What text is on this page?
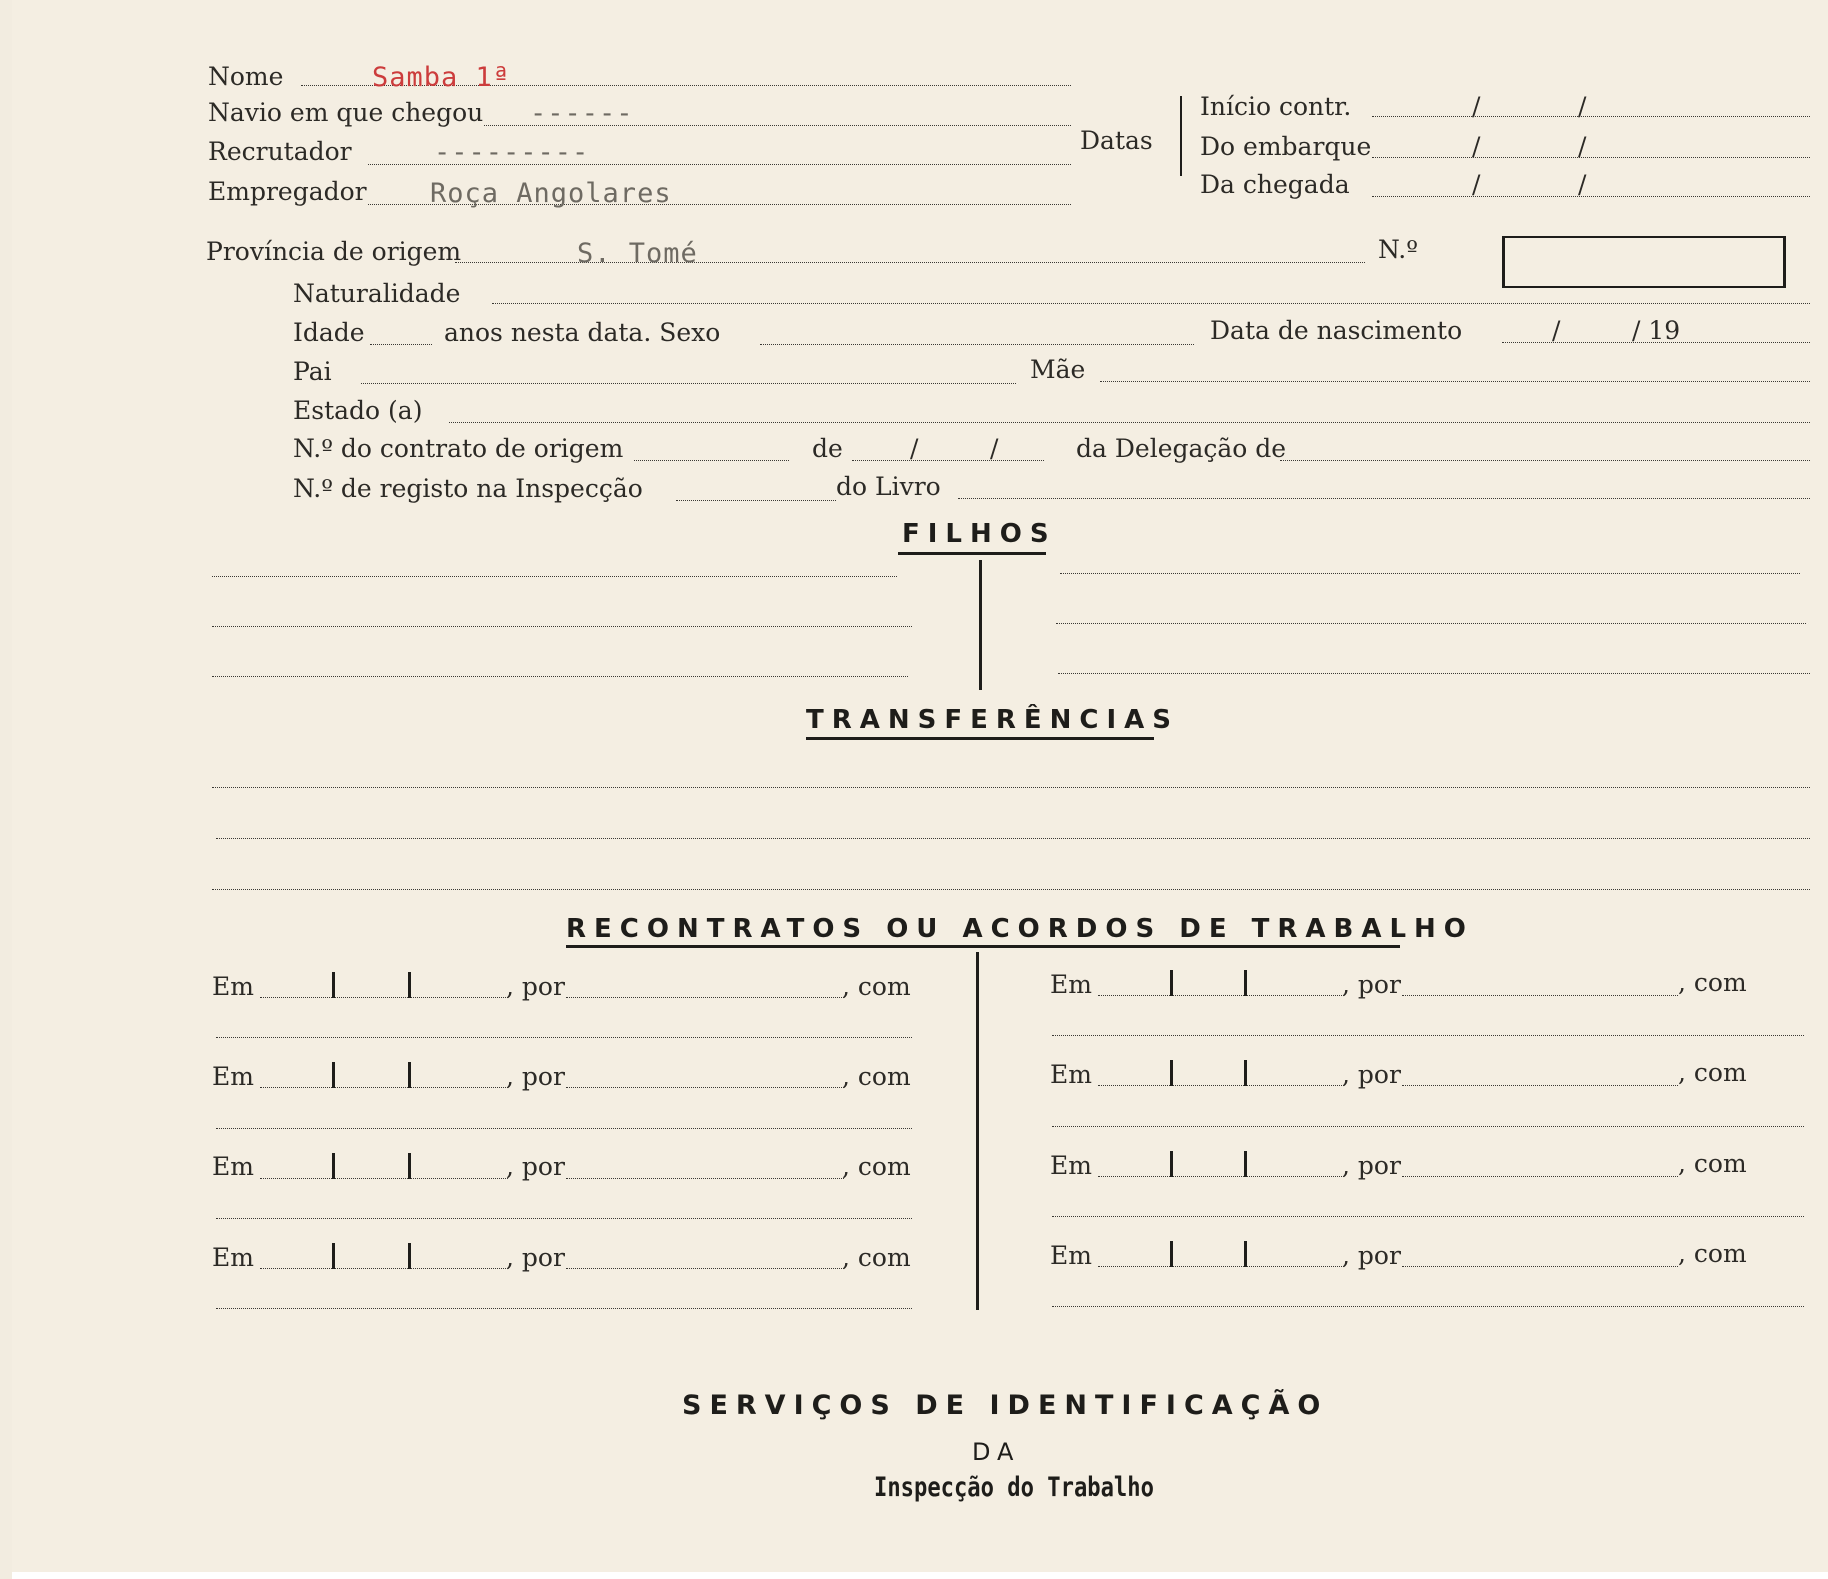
Nome	Samba 1ª
Navio em que chegou ------
Recrutador	---------
Empregador Roça Angolares
Datas
Início contr.	/	/
Do embarque	/	/
Da chegada	/	/
Província de origem	S. Tomé	N.º
Naturalidade
Idade	anos nesta data. Sexo	Data de nascimento	/	/ 19
Pai	Mãe
Estado (a)
N.º do contrato de origem	de	/	/	da Delegação de
N.º de registo na Inspecção	do Livro
FILHOS
TRANSFERÊNCIAS
RECONTRATOS OU ACORDOS DE TRABALHO
Em	, por	, com
Em	, por	, com
Em	, por	, com
Em	, por	, com
Em	, por	, com
Em	, por	, com
Em	, por	, com
Em	, por	, com
SERVIÇOS DE IDENTIFICAÇÃO
DA
Inspecção do Trabalho
